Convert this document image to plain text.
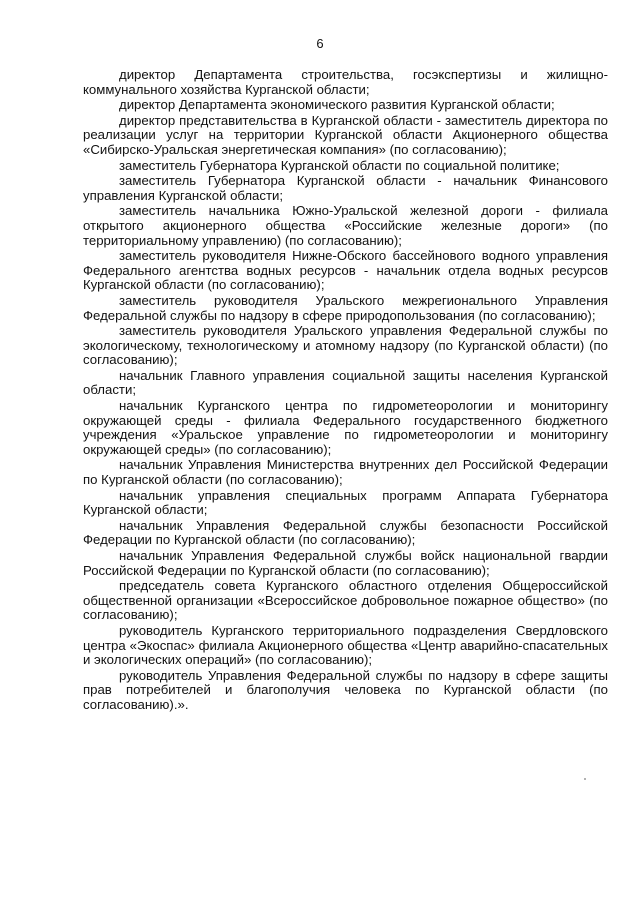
6

директор Департамента строительства, госэкспертизы и жилищно-коммунального хозяйства Курганской области;

директор Департамента экономического развития Курганской области;

директор представительства в Курганской области - заместитель директора по реализации услуг на территории Курганской области Акционерного общества «Сибирско-Уральская энергетическая компания» (по согласованию);

заместитель Губернатора Курганской области по социальной политике;

заместитель Губернатора Курганской области - начальник Финансового управления Курганской области;

заместитель начальника Южно-Уральской железной дороги - филиала открытого акционерного общества «Российские железные дороги» (по территориальному управлению) (по согласованию);

заместитель руководителя Нижне-Обского бассейнового водного управления Федерального агентства водных ресурсов - начальник отдела водных ресурсов Курганской области (по согласованию);

заместитель руководителя Уральского межрегионального Управления Федеральной службы по надзору в сфере природопользования (по согласованию);

заместитель руководителя Уральского управления Федеральной службы по экологическому, технологическому и атомному надзору (по Курганской области) (по согласованию);

начальник Главного управления социальной защиты населения Курганской области;

начальник Курганского центра по гидрометеорологии и мониторингу окружающей среды - филиала Федерального государственного бюджетного учреждения «Уральское управление по гидрометеорологии и мониторингу окружающей среды» (по согласованию);

начальник Управления Министерства внутренних дел Российской Федерации по Курганской области (по согласованию);

начальник управления специальных программ Аппарата Губернатора Курганской области;

начальник Управления Федеральной службы безопасности Российской Федерации по Курганской области (по согласованию);

начальник Управления Федеральной службы войск национальной гвардии Российской Федерации по Курганской области (по согласованию);

председатель совета Курганского областного отделения Общероссийской общественной организации «Всероссийское добровольное пожарное общество» (по согласованию);

руководитель Курганского территориального подразделения Свердловского центра «Экоспас» филиала Акционерного общества «Центр аварийно-спасательных и экологических операций» (по согласованию);

руководитель Управления Федеральной службы по надзору в сфере защиты прав потребителей и благополучия человека по Курганской области (по согласованию).».
